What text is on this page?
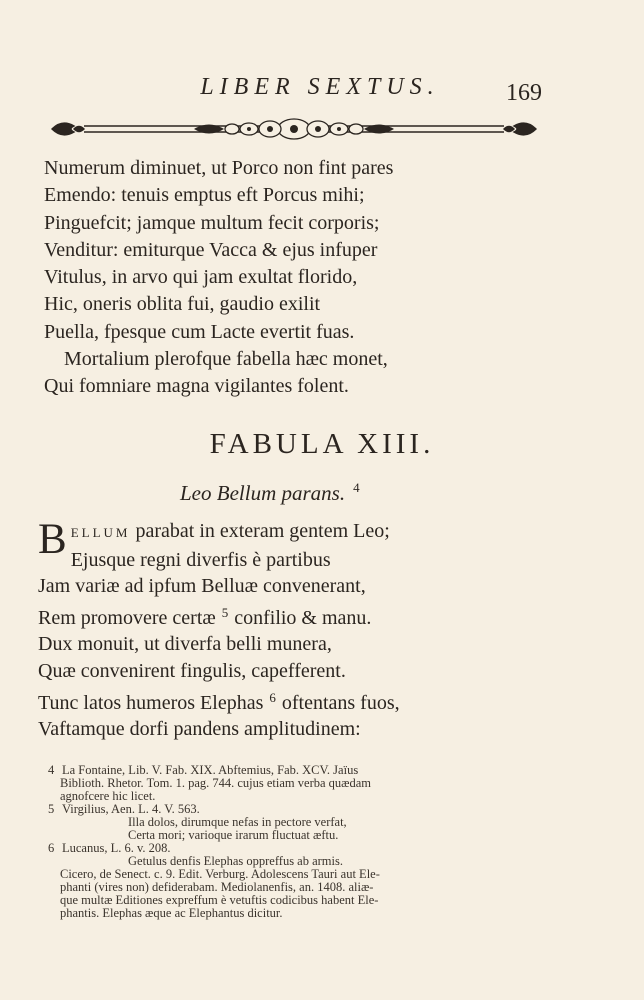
LIBER SEXTUS.	169
Numerum diminuet, ut Porco non fint pares
Emendo: tenuis emptus eft Porcus mihi;
Pinguefcit; jamque multum fecit corporis;
Venditur: emiturque Vacca & ejus infuper
Vitulus, in arvo qui jam exultat florido,
Hic, oneris oblita fui, gaudio exilit
Puella, fpesque cum Lacte evertit fuas.
Mortalium plerofque fabella hæc monet,
Qui fomniare magna vigilantes folent.
FABULA XIII.
Leo Bellum parans. $^4$
BELLUM parabat in exteram gentem Leo;
Ejusque regni diverfis è partibus
Jam variæ ad ipfum Belluæ convenerant,
Rem promovere certæ $^5$ confilio & manu.
Dux monuit, ut diverfa belli munera,
Quæ convenirent fingulis, capefferent.
Tunc latos humeros Elephas $^6$ oftentans fuos,
Vaftamque dorfi pandens amplitudinem:
4 La Fontaine, Lib. V. Fab. XIX. Abftemius, Fab. XCV. Jaïus
Biblioth. Rhetor. Tom. 1. pag. 744. cujus etiam verba quædam
agnofcere hic licet.
5 Virgilius, Aen. L. 4. V. 563.
Illa dolos, dirumque nefas in pectore verfat,
Certa mori; varioque irarum fluctuat æftu.
6 Lucanus, L. 6. v. 208.
Getulus denfis Elephas oppreffus ab armis.
Cicero, de Senect. c. 9. Edit. Verburg. Adolescens Tauri aut Ele-
phanti (vires non) defiderabam. Mediolanenfis, an. 1408. aliæ-
que multæ Editiones expreffum è vetuftis codicibus habent Ele-
phantis. Elephas æque ac Elephantus dicitur.
